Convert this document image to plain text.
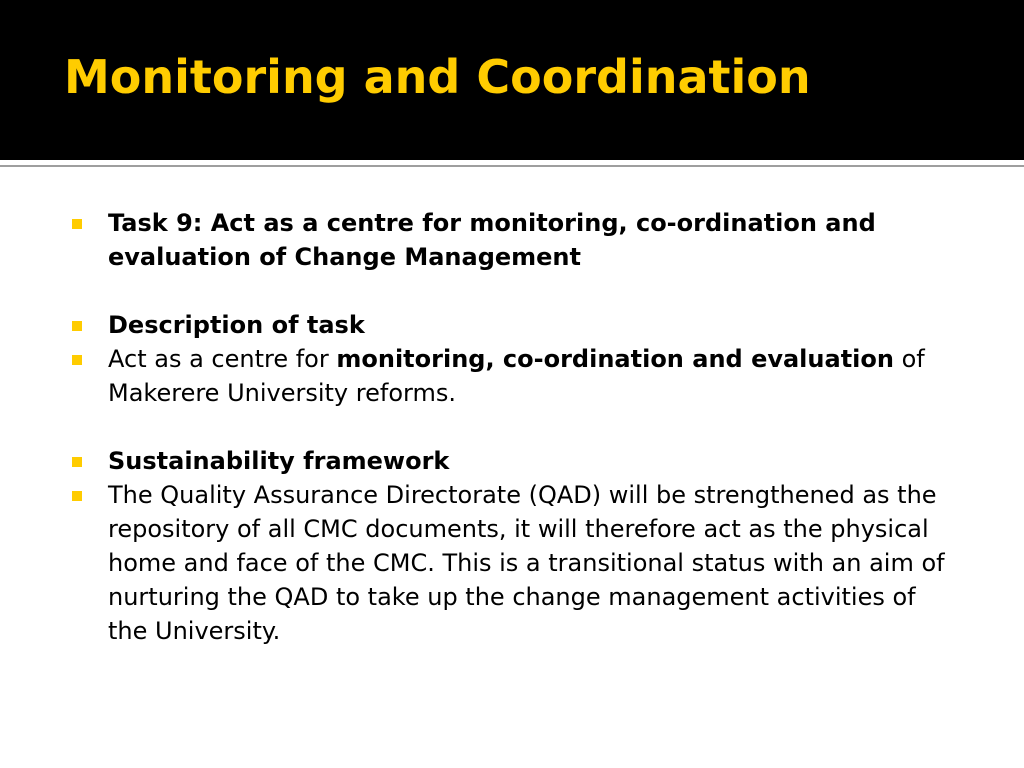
Monitoring and Coordination
Task 9: Act as a centre for monitoring, co-ordination and evaluation of Change Management
Description of task
Act as a centre for monitoring, co-ordination and evaluation of Makerere University reforms.
Sustainability framework
The Quality Assurance Directorate (QAD) will be strengthened as the repository of all CMC documents, it will therefore act as the physical home and face of the CMC. This is a transitional status with an aim of nurturing the QAD to take up the change management activities of the University.
